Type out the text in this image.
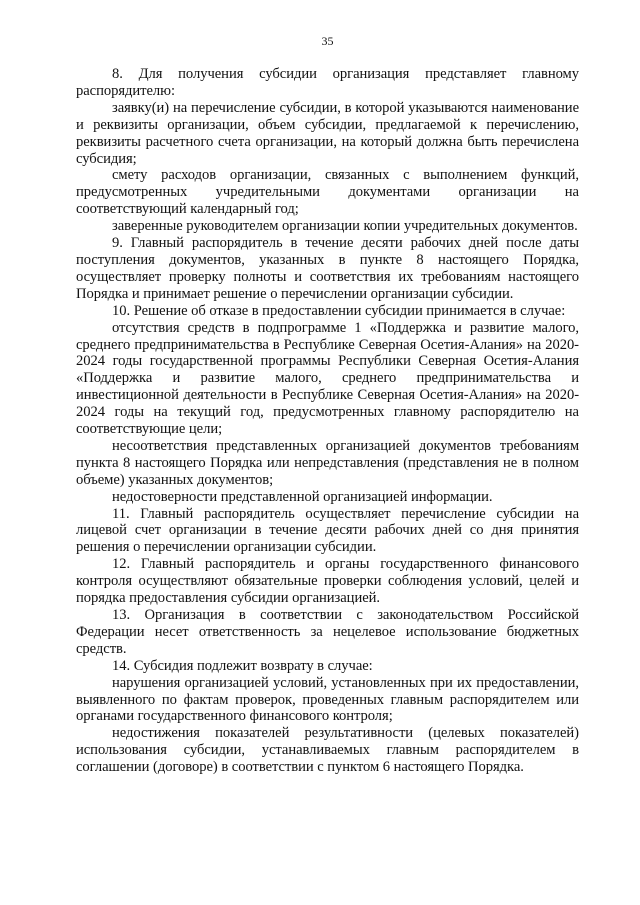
35

8. Для получения субсидии организация представляет главному распорядителю:

заявку(и) на перечисление субсидии, в которой указываются наименование и реквизиты организации, объем субсидии, предлагаемой к перечислению, реквизиты расчетного счета организации, на который должна быть перечислена субсидия;

смету расходов организации, связанных с выполнением функций, предусмотренных учредительными документами организации на соответствующий календарный год;

заверенные руководителем организации копии учредительных документов.

9. Главный распорядитель в течение десяти рабочих дней после даты поступления документов, указанных в пункте 8 настоящего Порядка, осуществляет проверку полноты и соответствия их требованиям настоящего Порядка и принимает решение о перечислении организации субсидии.

10. Решение об отказе в предоставлении субсидии принимается в случае:

отсутствия средств в подпрограмме 1 «Поддержка и развитие малого, среднего предпринимательства в Республике Северная Осетия-Алания» на 2020-2024 годы государственной программы Республики Северная Осетия-Алания «Поддержка и развитие малого, среднего предпринимательства и инвестиционной деятельности в Республике Северная Осетия-Алания» на 2020-2024 годы на текущий год, предусмотренных главному распорядителю на соответствующие цели;

несоответствия представленных организацией документов требованиям пункта 8 настоящего Порядка или непредставления (представления не в полном объеме) указанных документов;

недостоверности представленной организацией информации.

11. Главный распорядитель осуществляет перечисление субсидии на лицевой счет организации в течение десяти рабочих дней со дня принятия решения о перечислении организации субсидии.

12. Главный распорядитель и органы государственного финансового контроля осуществляют обязательные проверки соблюдения условий, целей и порядка предоставления субсидии организацией.

13. Организация в соответствии с законодательством Российской Федерации несет ответственность за нецелевое использование бюджетных средств.

14. Субсидия подлежит возврату в случае:

нарушения организацией условий, установленных при их предоставлении, выявленного по фактам проверок, проведенных главным распорядителем или органами государственного финансового контроля;

недостижения показателей результативности (целевых показателей) использования субсидии, устанавливаемых главным распорядителем в соглашении (договоре) в соответствии с пунктом 6 настоящего Порядка.
